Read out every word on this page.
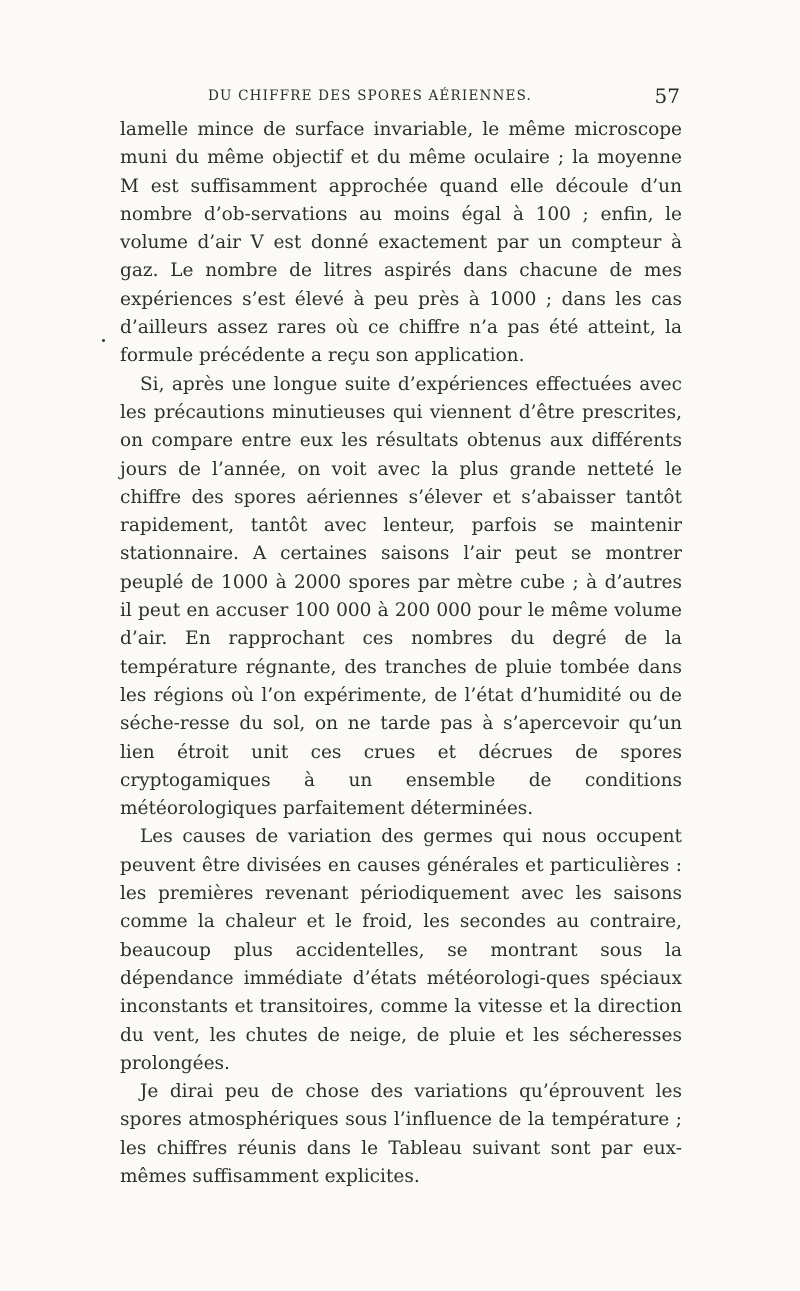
DU CHIFFRE DES SPORES AÉRIENNES.	57

lamelle mince de surface invariable, le même microscope muni du même objectif et du même oculaire ; la moyenne M est suffisamment approchée quand elle découle d’un nombre d’ob-servations au moins égal à 100 ; enfin, le volume d’air V est donné exactement par un compteur à gaz. Le nombre de litres aspirés dans chacune de mes expériences s’est élevé à peu près à 1000 ; dans les cas d’ailleurs assez rares où ce chiffre n’a pas été atteint, la formule précédente a reçu son application.

Si, après une longue suite d’expériences effectuées avec les précautions minutieuses qui viennent d’être prescrites, on compare entre eux les résultats obtenus aux différents jours de l’année, on voit avec la plus grande netteté le chiffre des spores aériennes s’élever et s’abaisser tantôt rapidement, tantôt avec lenteur, parfois se maintenir stationnaire. A certaines saisons l’air peut se montrer peuplé de 1000 à 2000 spores par mètre cube ; à d’autres il peut en accuser 100 000 à 200 000 pour le même volume d’air. En rapprochant ces nombres du degré de la température régnante, des tranches de pluie tombée dans les régions où l’on expérimente, de l’état d’humidité ou de séche-resse du sol, on ne tarde pas à s’apercevoir qu’un lien étroit unit ces crues et décrues de spores cryptogamiques à un ensemble de conditions météorologiques parfaitement déterminées.

Les causes de variation des germes qui nous occupent peuvent être divisées en causes générales et particulières : les premières revenant périodiquement avec les saisons comme la chaleur et le froid, les secondes au contraire, beaucoup plus accidentelles, se montrant sous la dépendance immédiate d’états météorologi-ques spéciaux inconstants et transitoires, comme la vitesse et la direction du vent, les chutes de neige, de pluie et les sécheresses prolongées.

Je dirai peu de chose des variations qu’éprouvent les spores atmosphériques sous l’influence de la température ; les chiffres réunis dans le Tableau suivant sont par eux-mêmes suffisamment explicites.
